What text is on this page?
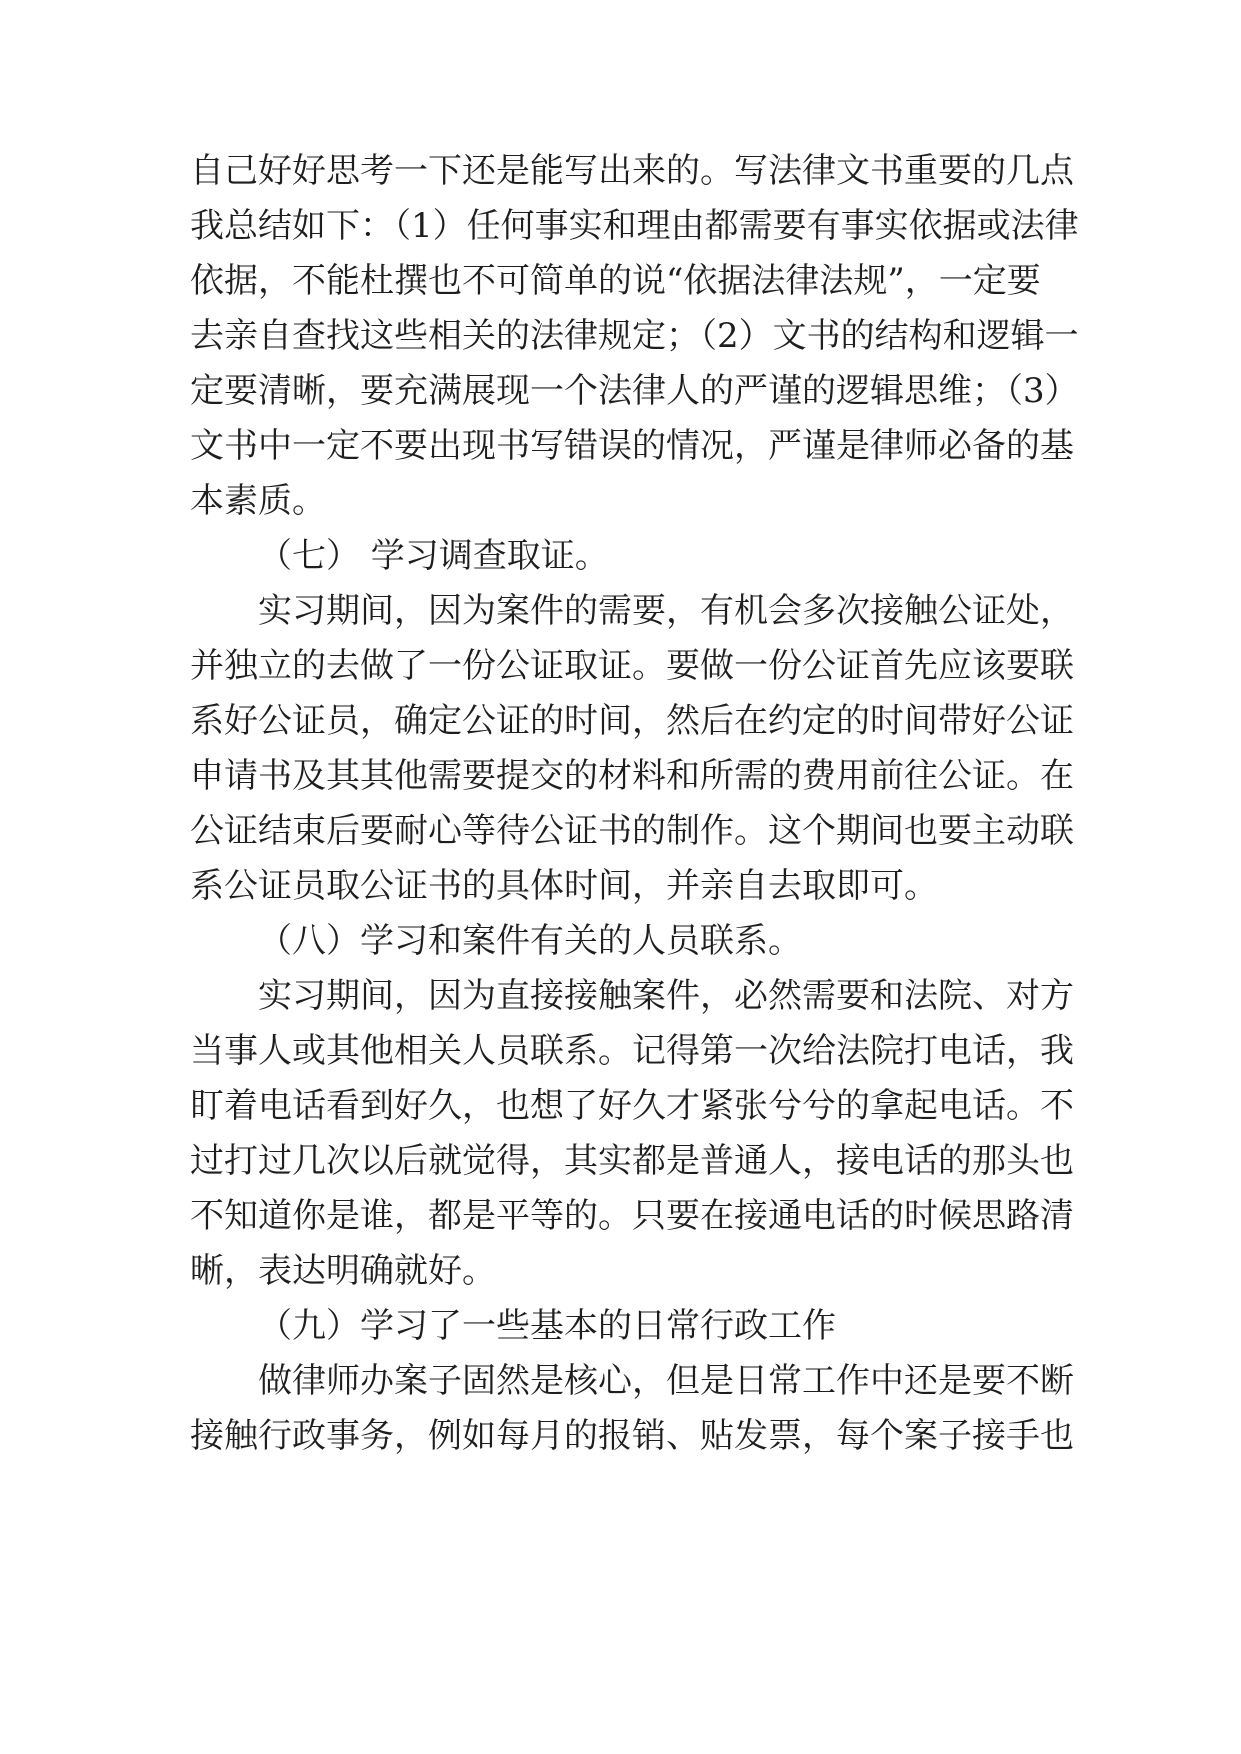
自己好好思考一下还是能写出来的。写法律文书重要的几点
我总结如下：（1）任何事实和理由都需要有事实依据或法律
依据，不能杜撰也不可简单的说“依据法律法规”，一定要
去亲自查找这些相关的法律规定；（2）文书的结构和逻辑一
定要清晰，要充满展现一个法律人的严谨的逻辑思维；（3）
文书中一定不要出现书写错误的情况，严谨是律师必备的基
本素质。
（七） 学习调查取证。
实习期间，因为案件的需要，有机会多次接触公证处，
并独立的去做了一份公证取证。要做一份公证首先应该要联
系好公证员，确定公证的时间，然后在约定的时间带好公证
申请书及其其他需要提交的材料和所需的费用前往公证。在
公证结束后要耐心等待公证书的制作。这个期间也要主动联
系公证员取公证书的具体时间，并亲自去取即可。
（八）学习和案件有关的人员联系。
实习期间，因为直接接触案件，必然需要和法院、对方
当事人或其他相关人员联系。记得第一次给法院打电话，我
盯着电话看到好久，也想了好久才紧张兮兮的拿起电话。不
过打过几次以后就觉得，其实都是普通人，接电话的那头也
不知道你是谁，都是平等的。只要在接通电话的时候思路清
晰，表达明确就好。
（九）学习了一些基本的日常行政工作
做律师办案子固然是核心，但是日常工作中还是要不断
接触行政事务，例如每月的报销、贴发票，每个案子接手也
